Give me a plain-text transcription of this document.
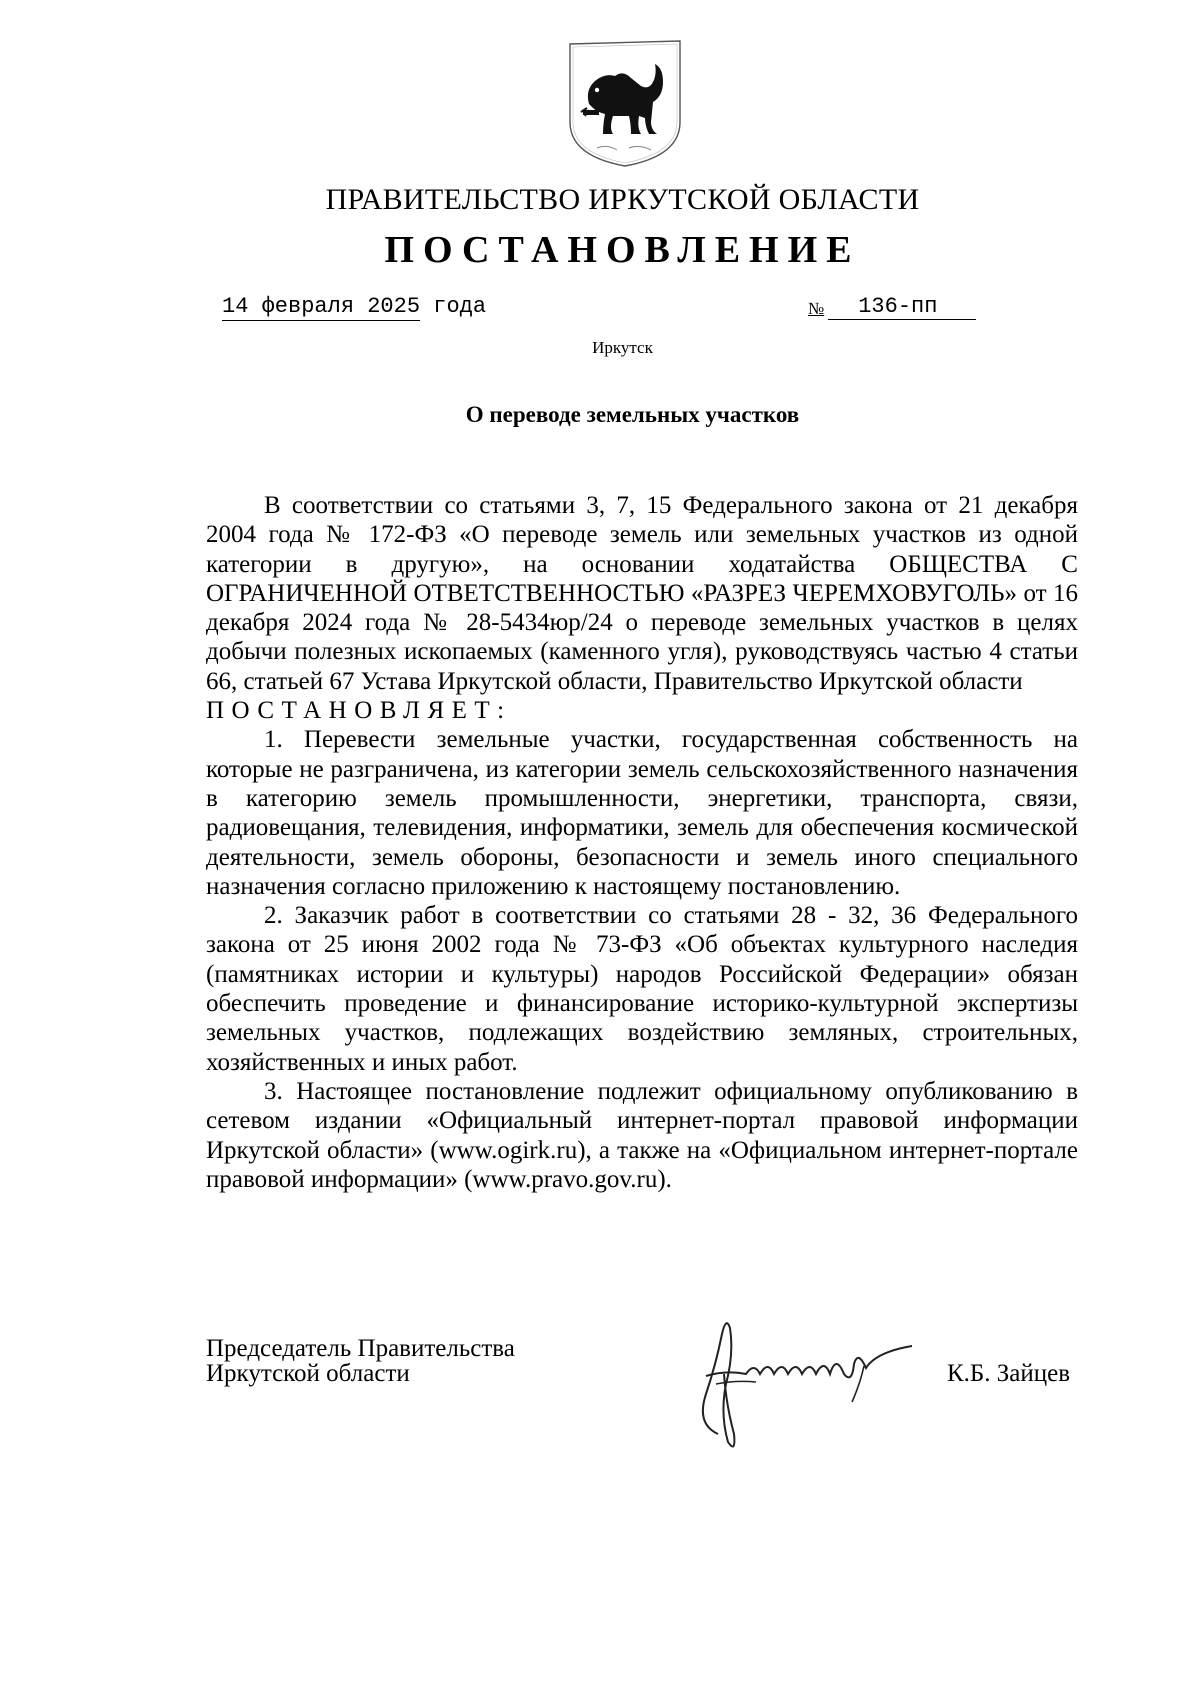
ПРАВИТЕЛЬСТВО ИРКУТСКОЙ ОБЛАСТИ
ПОСТАНОВЛЕНИЕ
14 февраля 2025 года	№ 136-пп
Иркутск
О переводе земельных участков

В соответствии со статьями 3, 7, 15 Федерального закона от 21 декабря 2004 года № 172-ФЗ «О переводе земель или земельных участков из одной категории в другую», на основании ходатайства ОБЩЕСТВА С ОГРАНИЧЕННОЙ ОТВЕТСТВЕННОСТЬЮ «РАЗРЕЗ ЧЕРЕМХОВУГОЛЬ» от 16 декабря 2024 года № 28-5434юр/24 о переводе земельных участков в целях добычи полезных ископаемых (каменного угля), руководствуясь частью 4 статьи 66, статьей 67 Устава Иркутской области, Правительство Иркутской области

ПОСТАНОВЛЯЕТ:

1. Перевести земельные участки, государственная собственность на которые не разграничена, из категории земель сельскохозяйственного назначения в категорию земель промышленности, энергетики, транспорта, связи, радиовещания, телевидения, информатики, земель для обеспечения космической деятельности, земель обороны, безопасности и земель иного специального назначения согласно приложению к настоящему постановлению.

2. Заказчик работ в соответствии со статьями 28 - 32, 36 Федерального закона от 25 июня 2002 года № 73-ФЗ «Об объектах культурного наследия (памятниках истории и культуры) народов Российской Федерации» обязан обеспечить проведение и финансирование историко-культурной экспертизы земельных участков, подлежащих воздействию земляных, строительных, хозяйственных и иных работ.

3. Настоящее постановление подлежит официальному опубликованию в сетевом издании «Официальный интернет-портал правовой информации Иркутской области» (www.ogirk.ru), а также на «Официальном интернет-портале правовой информации» (www.pravo.gov.ru).

Председатель Правительства
Иркутской области	К.Б. Зайцев
